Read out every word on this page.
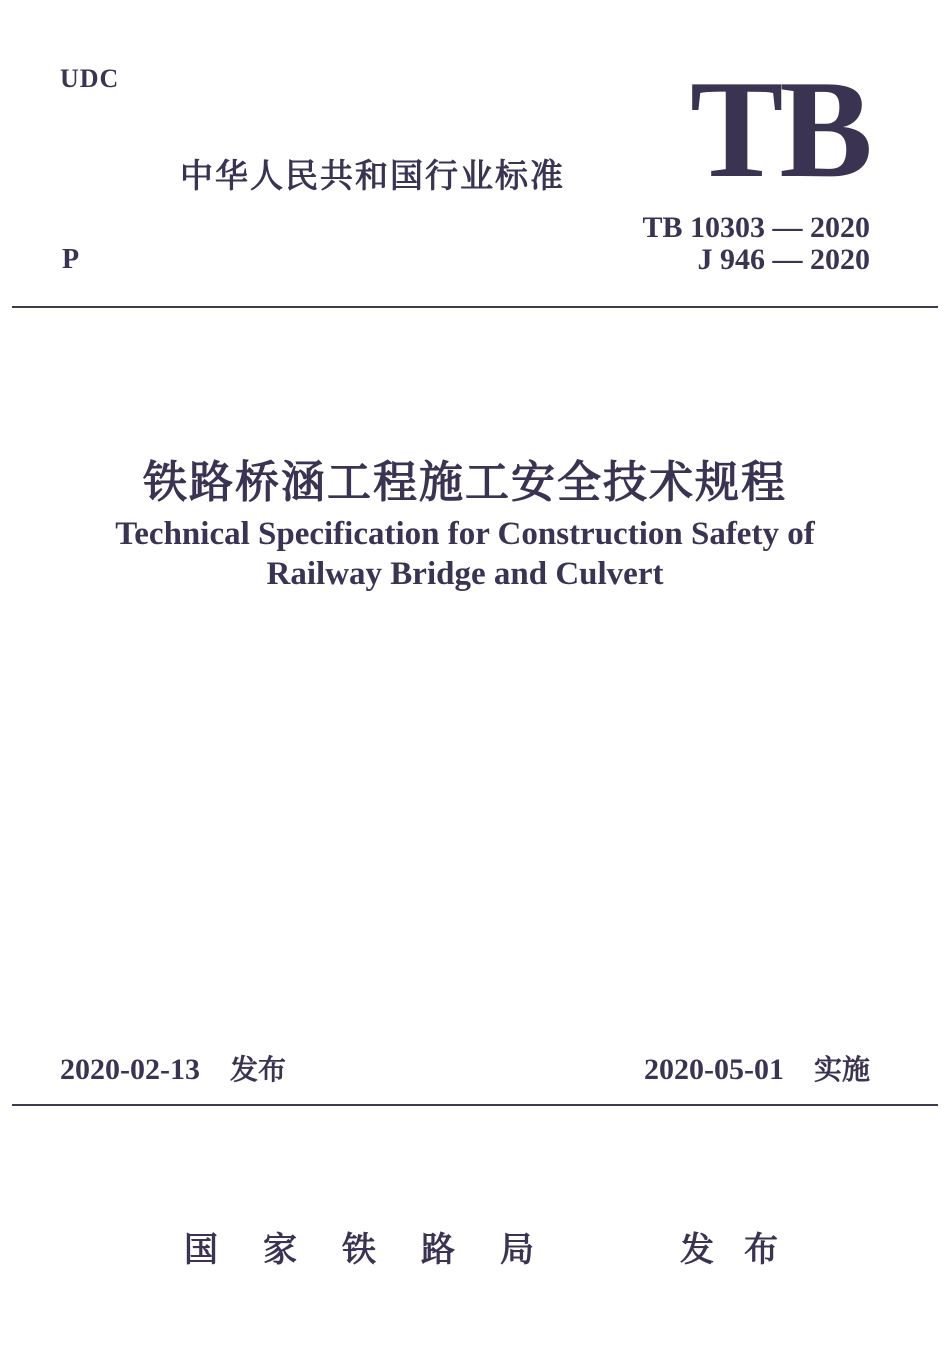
UDC
中华人民共和国行业标准 TB
TB 10303 — 2020
J 946 — 2020
P
铁路桥涵工程施工安全技术规程
Technical Specification for Construction Safety of
Railway Bridge and Culvert
2020-02-13 发布	2020-05-01 实施
国家铁路局	发布
